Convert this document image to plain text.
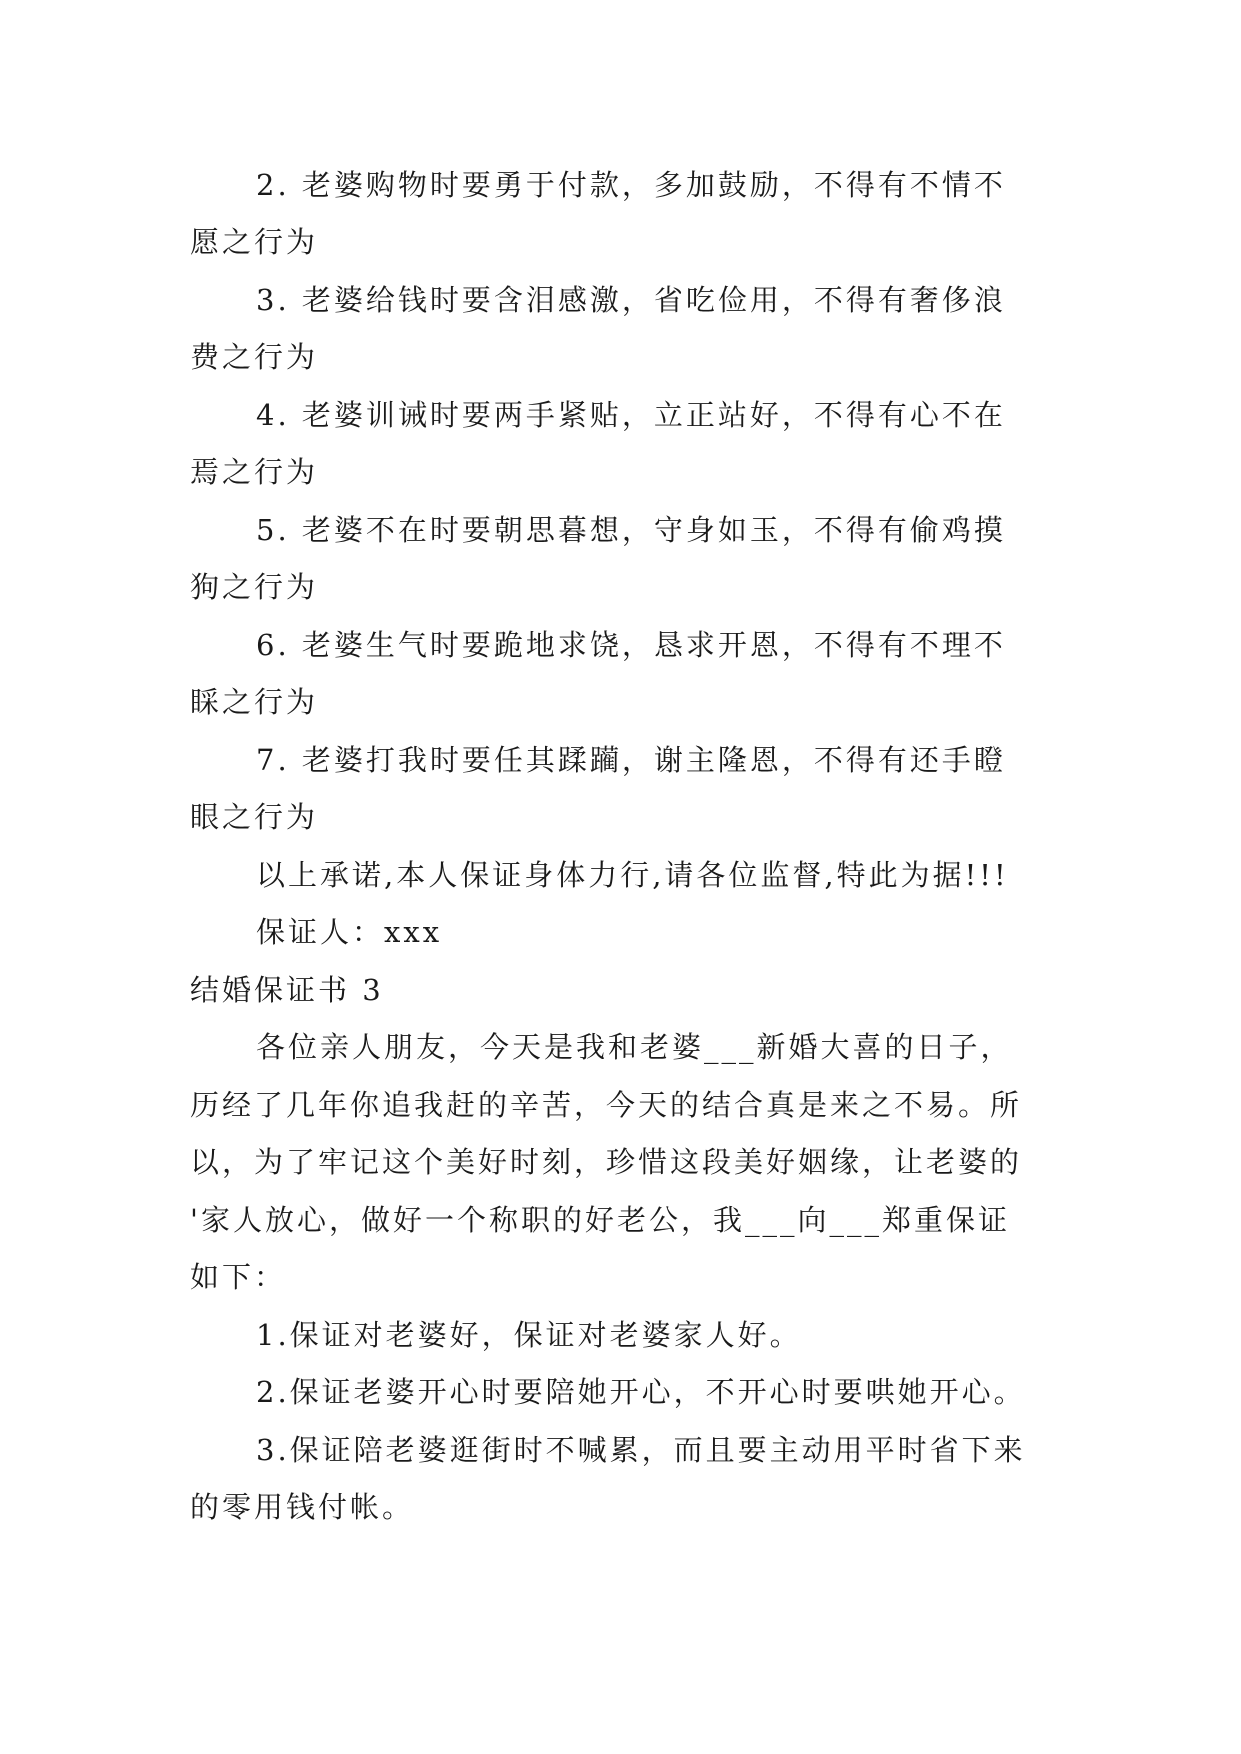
2. 老婆购物时要勇于付款，多加鼓励，不得有不情不
愿之行为
3. 老婆给钱时要含泪感激，省吃俭用，不得有奢侈浪
费之行为
4. 老婆训诫时要两手紧贴，立正站好，不得有心不在
焉之行为
5. 老婆不在时要朝思暮想，守身如玉，不得有偷鸡摸
狗之行为
6. 老婆生气时要跪地求饶，恳求开恩，不得有不理不
睬之行为
7. 老婆打我时要任其蹂躏，谢主隆恩，不得有还手瞪
眼之行为
以上承诺,本人保证身体力行,请各位监督,特此为据!!!
保证人：xxx
结婚保证书 3
各位亲人朋友，今天是我和老婆___新婚大喜的日子，
历经了几年你追我赶的辛苦，今天的结合真是来之不易。所
以，为了牢记这个美好时刻，珍惜这段美好姻缘，让老婆的
'家人放心，做好一个称职的好老公，我___向___郑重保证
如下：
1.保证对老婆好，保证对老婆家人好。
2.保证老婆开心时要陪她开心，不开心时要哄她开心。
3.保证陪老婆逛街时不喊累，而且要主动用平时省下来
的零用钱付帐。
